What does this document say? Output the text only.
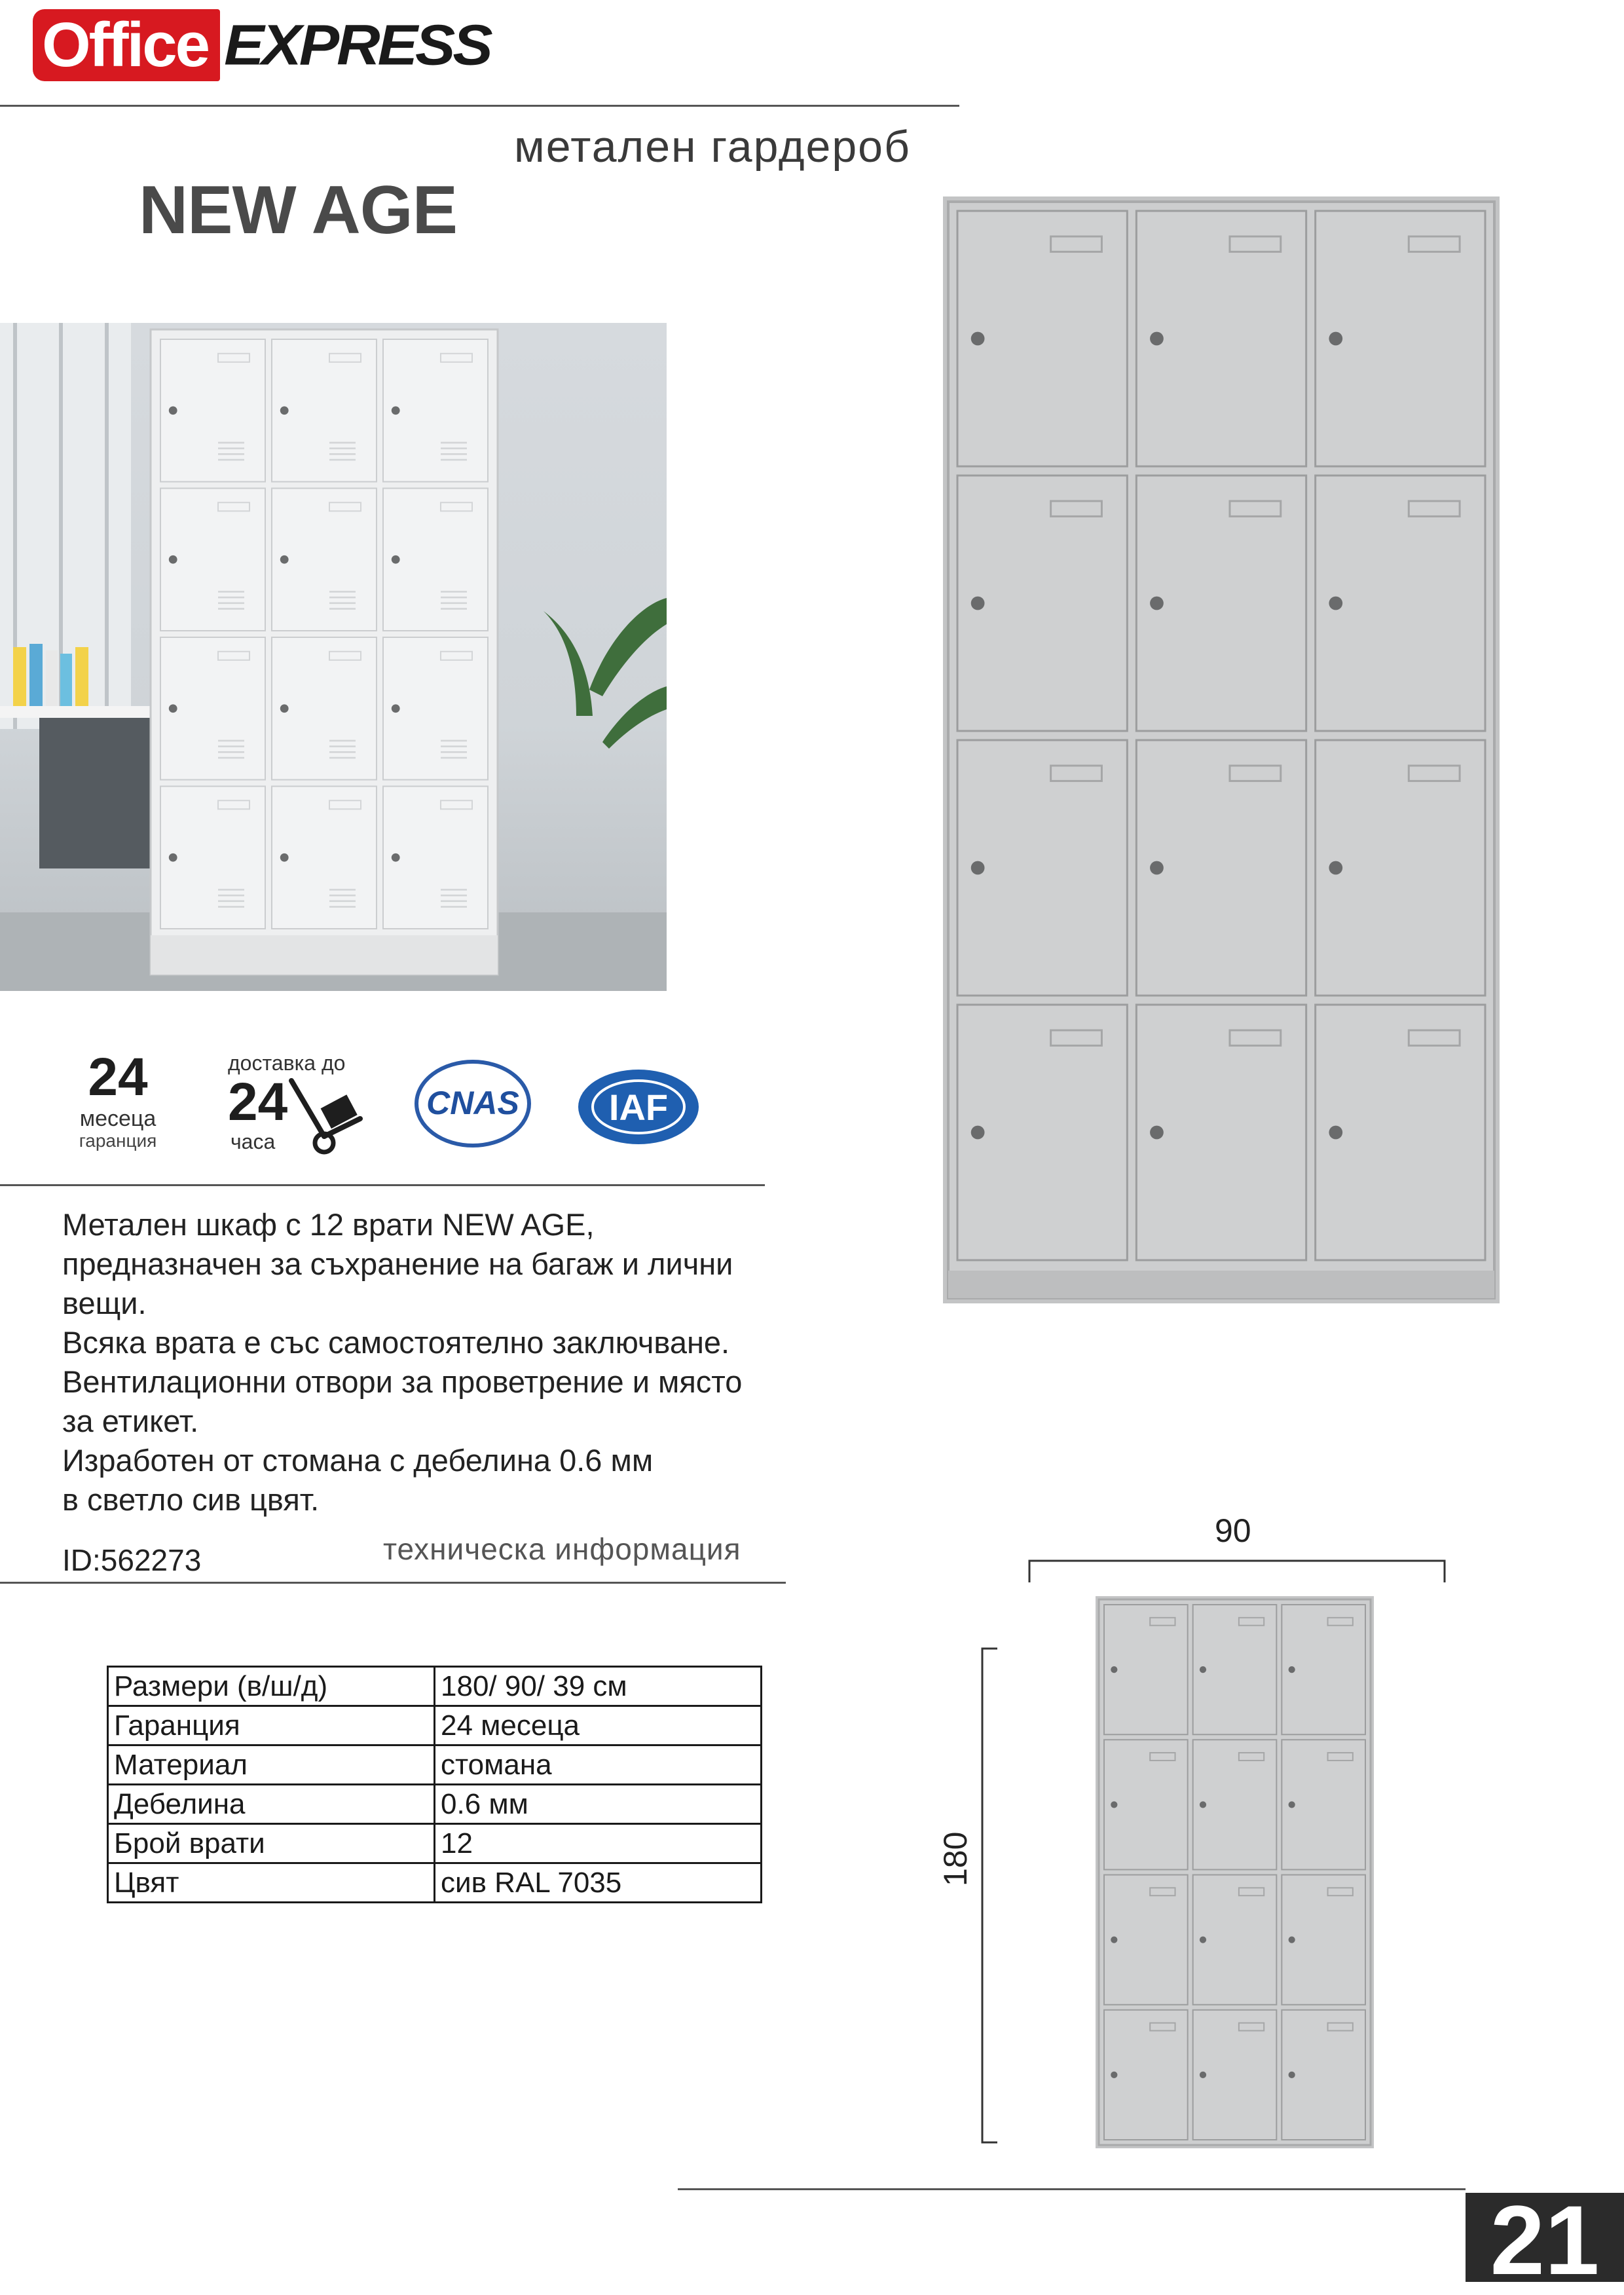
Office EXPRESS
метален гардероб
NEW AGE
24
месеца
гаранция
доставка до
24
часа
CNAS IAF
Метален шкаф с 12 врати NEW AGE,
предназначен за съхранение на багаж и лични
вещи.
Всяка врата е със самостоятелно заключване.
Вентилационни отвори за проветрение и място
за етикет.
Изработен от стомана с дебелина 0.6 мм
в светло сив цвят.
ID:562273	техническа информация
Размери (в/ш/д)	180/ 90/ 39 см
Гаранция	24 месеца
Материал	стомана
Дебелина	0.6 мм
Брой врати	12
Цвят	сив RAL 7035
90
180
21
